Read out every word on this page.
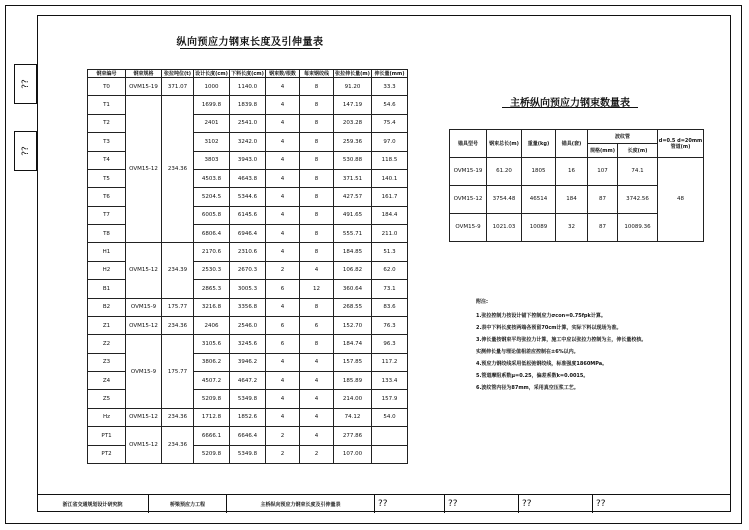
??
??
纵向预应力钢束长度及引伸量表
钢束编号	钢束规格	张拉吨位(t)	设计长度(cm)	下料长度(cm)	钢束数/根数	每束钢绞线	张拉伸长量(m)	伸长量(mm)
T0	OVM15-19	371.07	1000	1140.0	4	8	91.20	33.3
T1	OVM15-12	234.36	1699.8	1839.8	4	8	147.19	54.6
T2			2401	2541.0	4	8	203.28	75.4
T3			3102	3242.0	4	8	259.36	97.0
T4			3803	3943.0	4	8	530.88	118.5
T5			4503.8	4643.8	4	8	371.51	140.1
T6			5204.5	5344.6	4	8	427.57	161.7
T7			6005.8	6145.6	4	8	491.65	184.4
T8			6806.4	6946.4	4	8	555.71	211.0
H1	OVM15-12	234.39	2170.6	2310.6	4	8	184.85	51.3
H2			2530.3	2670.3	2	4	106.82	62.0
B1			2865.3	3005.3	6	12	360.64	73.1
B2	OVM15-9	175.77	3216.8	3356.8	4	8	268.55	83.6
Z1	OVM15-12	234.36	2406	2546.0	6	6	152.70	76.3
Z2	OVM15-9	175.77	3105.6	3245.6	6	8	184.74	96.3
Z3			3806.2	3946.2	4	4	157.85	117.2
Z4			4507.2	4647.2	4	4	185.89	133.4
Z5			5209.8	5349.8	4	4	214.00	157.9
Hz	OVM15-12	234.36	1712.8	1852.6	4	4	74.12	54.0
PT1	OVM15-12	234.36	6666.1	6646.4	2	4	277.86	
PT2			5209.8	5349.8	2	2	107.00	
主桥纵向预应力钢束数量表
锚具型号	钢束总长(m)	重量(kg)	锚具(套)	波纹管		d=0.5 d=20mm 管道(m)
				规格(mm)	长度(m)	
OVM15-19	61.20	1805	16	107	74.1	48
OVM15-12	3754.48	46514	184	87	3742.56	
OVM15-9	1021.03	10089	32	87	10089.36	
附注:
1.张拉控制力按设计锚下控制应力σcon=0.75fpk计算。
2.表中下料长度按两端各预留70cm计算，实际下料以现场为准。
3.伸长量按钢束平均张拉力计算，施工中应以张拉力控制为主，伸长量校核。
实测伸长量与理论值相差应控制在±6%以内。
4.预应力钢绞线采用低松弛钢绞线，标准强度1860MPa。
5.管道摩阻系数μ=0.25，偏差系数k=0.0015。
6.波纹管内径为87mm，采用真空压浆工艺。
浙江省交通规划设计研究院	桥梁预应力工程	主桥纵向预应力钢束长度及引伸量表	??	??	??	??
